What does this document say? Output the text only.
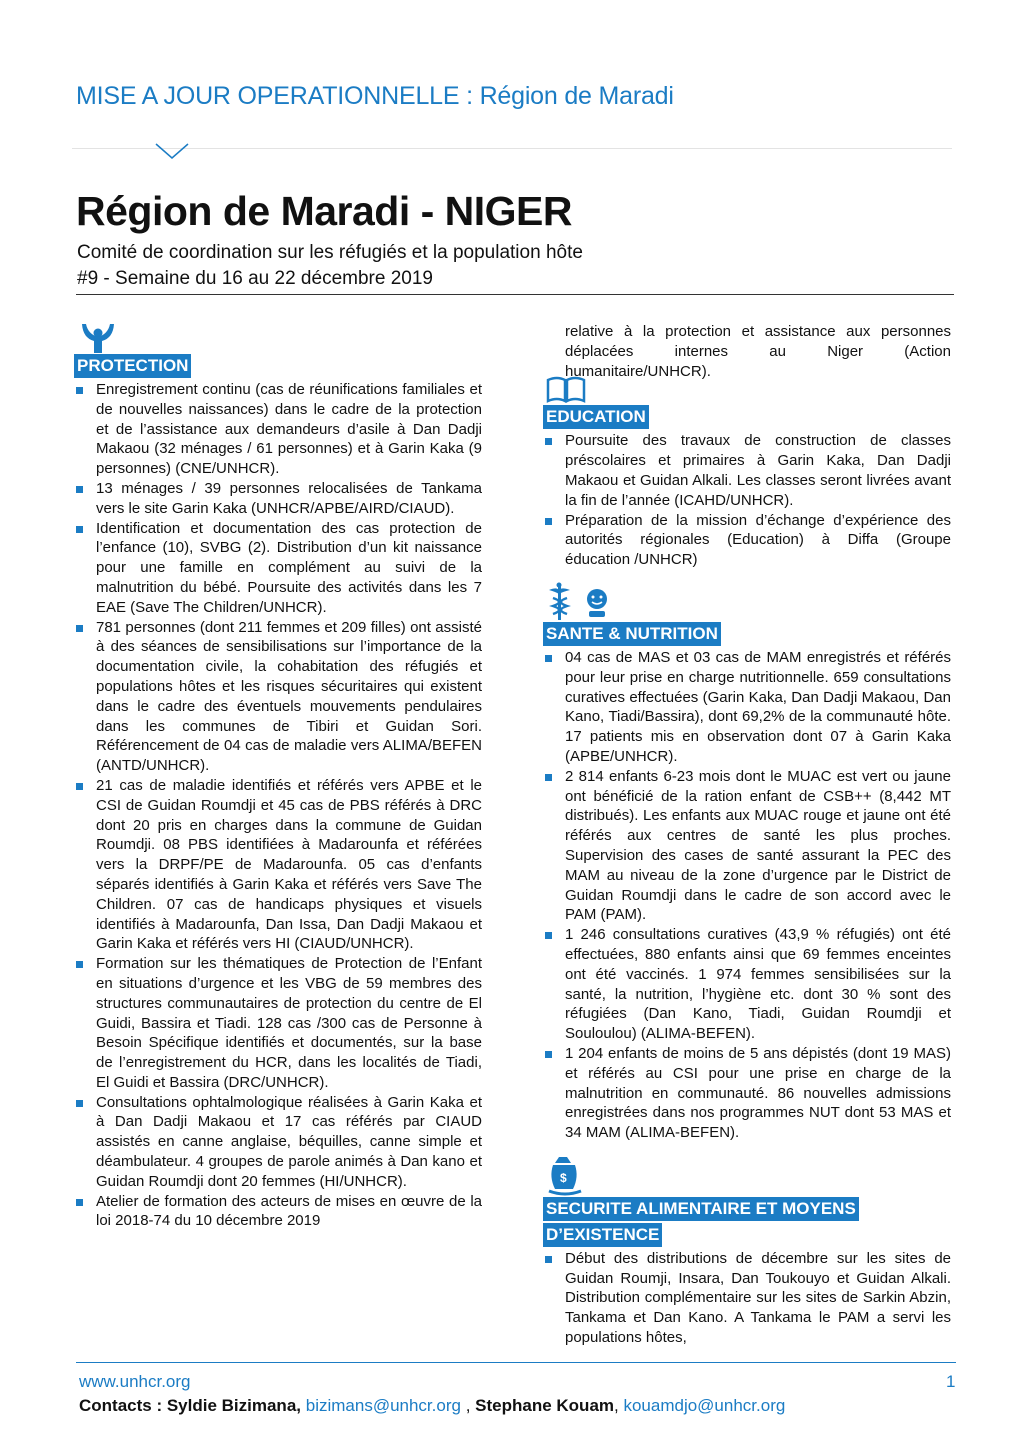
MISE A JOUR OPERATIONNELLE : Région de Maradi
Région de Maradi - NIGER
Comité de coordination sur les réfugiés et la population hôte
#9 - Semaine du 16 au 22 décembre 2019
PROTECTION
Enregistrement continu (cas de réunifications familiales et de nouvelles naissances) dans le cadre de la protection et de l’assistance aux demandeurs d’asile à Dan Dadji Makaou (32 ménages / 61 personnes) et à Garin Kaka (9 personnes) (CNE/UNHCR).
13 ménages / 39 personnes relocalisées de Tankama vers le site Garin Kaka (UNHCR/APBE/AIRD/CIAUD).
Identification et documentation des cas protection de l’enfance (10), SVBG (2). Distribution d’un kit naissance pour une famille en complément au suivi de la malnutrition du bébé. Poursuite des activités dans les 7 EAE (Save The Children/UNHCR).
781 personnes (dont 211 femmes et 209 filles) ont assisté à des séances de sensibilisations sur l’importance de la documentation civile, la cohabitation des réfugiés et populations hôtes et les risques sécuritaires qui existent dans le cadre des éventuels mouvements pendulaires dans les communes de Tibiri et Guidan Sori. Référencement de 04 cas de maladie vers ALIMA/BEFEN (ANTD/UNHCR).
21 cas de maladie identifiés et référés vers APBE et le CSI de Guidan Roumdji et 45 cas de PBS référés à DRC dont 20 pris en charges dans la commune de Guidan Roumdji. 08 PBS identifiées à Madarounfa et référées vers la DRPF/PE de Madarounfa. 05 cas d’enfants séparés identifiés à Garin Kaka et référés vers Save The Children. 07 cas de handicaps physiques et visuels identifiés à Madarounfa, Dan Issa, Dan Dadji Makaou et Garin Kaka et référés vers HI (CIAUD/UNHCR).
Formation sur les thématiques de Protection de l’Enfant en situations d’urgence et les VBG de 59 membres des structures communautaires de protection du centre de El Guidi, Bassira et Tiadi. 128 cas /300 cas de Personne à Besoin Spécifique identifiés et documentés, sur la base de l’enregistrement du HCR, dans les localités de Tiadi, El Guidi et Bassira (DRC/UNHCR).
Consultations ophtalmologique réalisées à Garin Kaka et à Dan Dadji Makaou et 17 cas référés par CIAUD assistés en canne anglaise, béquilles, canne simple et déambulateur. 4 groupes de parole animés à Dan kano et Guidan Roumdji dont 20 femmes (HI/UNHCR).
Atelier de formation des acteurs de mises en œuvre de la loi 2018-74 du 10 décembre 2019

relative à la protection et assistance aux personnes déplacées internes au Niger (Action humanitaire/UNHCR).

EDUCATION
Poursuite des travaux de construction de classes préscolaires et primaires à Garin Kaka, Dan Dadji Makaou et Guidan Alkali. Les classes seront livrées avant la fin de l’année (ICAHD/UNHCR).
Préparation de la mission d’échange d’expérience des autorités régionales (Education) à Diffa (Groupe éducation /UNHCR)
SANTE & NUTRITION
04 cas de MAS et 03 cas de MAM enregistrés et référés pour leur prise en charge nutritionnelle. 659 consultations curatives effectuées (Garin Kaka, Dan Dadji Makaou, Dan Kano, Tiadi/Bassira), dont 69,2% de la communauté hôte. 17 patients mis en observation dont 07 à Garin Kaka (APBE/UNHCR).
2 814 enfants 6-23 mois dont le MUAC est vert ou jaune ont bénéficié de la ration enfant de CSB++ (8,442 MT distribués). Les enfants aux MUAC rouge et jaune ont été référés aux centres de santé les plus proches. Supervision des cases de santé assurant la PEC des MAM au niveau de la zone d’urgence par le District de Guidan Roumdji dans le cadre de son accord avec le PAM (PAM).
1 246 consultations curatives (43,9 % réfugiés) ont été effectuées, 880 enfants ainsi que 69 femmes enceintes ont été vaccinés. 1 974 femmes sensibilisées sur la santé, la nutrition, l’hygiène etc. dont 30 % sont des réfugiées (Dan Kano, Tiadi, Guidan Roumdji et Souloulou) (ALIMA-BEFEN).
1 204 enfants de moins de 5 ans dépistés (dont 19 MAS) et référés au CSI pour une prise en charge de la malnutrition en communauté. 86 nouvelles admissions enregistrées dans nos programmes NUT dont 53 MAS et 34 MAM (ALIMA-BEFEN).
$
SECURITE ALIMENTAIRE ET MOYENS D’EXISTENCE
Début des distributions de décembre sur les sites de Guidan Roumji, Insara, Dan Toukouyo et Guidan Alkali. Distribution complémentaire sur les sites de Sarkin Abzin, Tankama et Dan Kano. A Tankama le PAM a servi les populations hôtes,
www.unhcr.org	1
Contacts : Syldie Bizimana, bizimans@unhcr.org , Stephane Kouam, kouamdjo@unhcr.org
